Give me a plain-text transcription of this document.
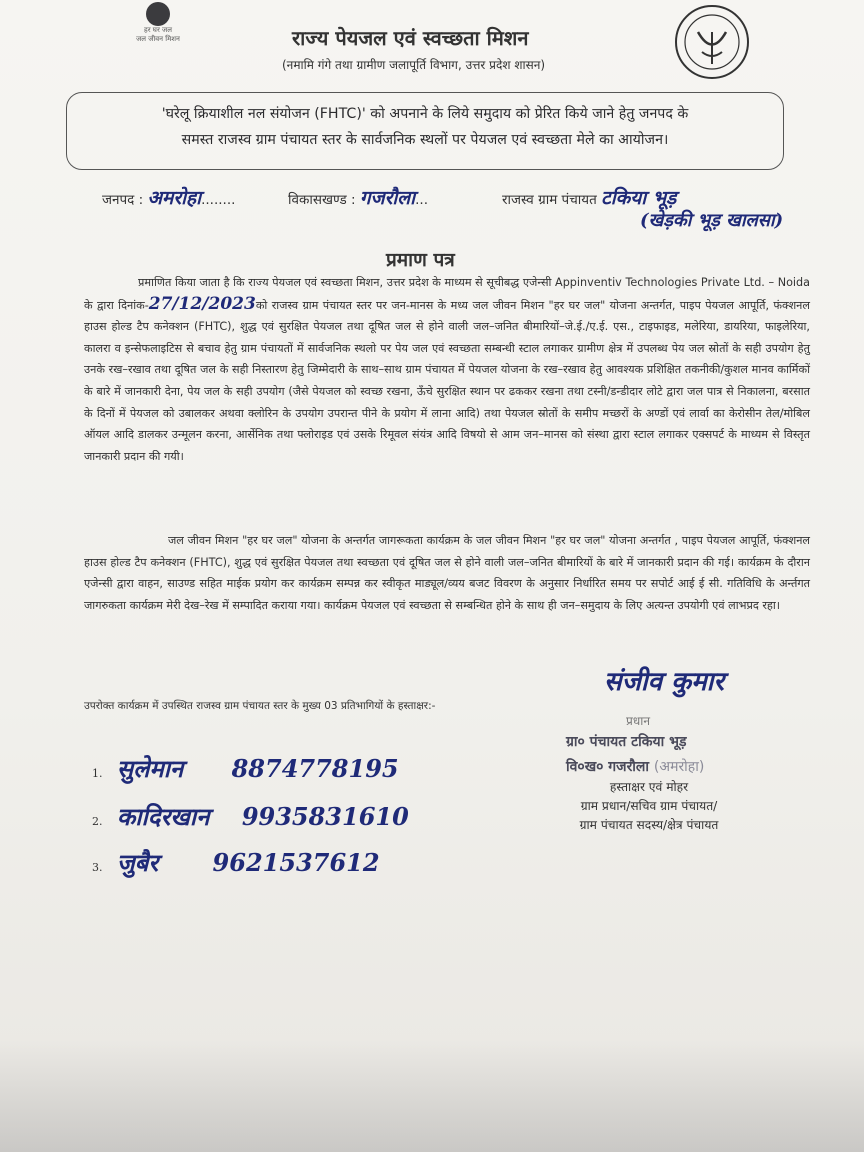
हर घर जल
जल जीवन मिशन	राज्य पेयजल एवं स्वच्छता मिशन
(नमामि गंगे तथा ग्रामीण जलापूर्ति विभाग, उत्तर प्रदेश शासन)
'घरेलू क्रियाशील नल संयोजन (FHTC)' को अपनाने के लिये समुदाय को प्रेरित किये जाने हेतु जनपद के
समस्त राजस्व ग्राम पंचायत स्तर के सार्वजनिक स्थलों पर पेयजल एवं स्वच्छता मेले का आयोजन।
जनपद : अमरोहा........	विकासखण्ड : गजरौला...	राजस्व ग्राम पंचायत टकिया भूड़
(खेड़की भूड़ खालसा)
प्रमाण पत्र
प्रमाणित किया जाता है कि राज्य पेयजल एवं स्वच्छता मिशन, उत्तर प्रदेश के माध्यम से सूचीबद्ध एजेन्सी Appinventiv Technologies Private Ltd. – Noida के द्वारा दिनांक-27/12/2023को राजस्व ग्राम पंचायत स्तर पर जन-मानस के मध्य जल जीवन मिशन "हर घर जल" योजना अन्तर्गत, पाइप पेयजल आपूर्ति, फंक्शनल हाउस होल्ड टैप कनेक्शन (FHTC), शुद्ध एवं सुरक्षित पेयजल तथा दूषित जल से होने वाली जल–जनित बीमारियों–जे.ई./ए.ई. एस., टाइफाइड, मलेरिया, डायरिया, फाइलेरिया, कालरा व इन्सेफलाइटिस से बचाव हेतु ग्राम पंचायतों में सार्वजनिक स्थलो पर पेय जल एवं स्वच्छता सम्बन्धी स्टाल लगाकर ग्रामीण क्षेत्र में उपलब्ध पेय जल स्रोतों के सही उपयोग हेतु उनके रख–रखाव तथा दूषित जल के सही निस्तारण हेतु जिम्मेदारी के साथ–साथ ग्राम पंचायत में पेयजल योजना के रख–रखाव हेतु आवश्यक प्रशिक्षित तकनीकी/कुशल मानव कार्मिकों के बारे में जानकारी देना, पेय जल के सही उपयोग (जैसे पेयजल को स्वच्छ रखना, ऊँचे सुरक्षित स्थान पर ढककर रखना तथा टस्नी/डन्डीदार लोटे द्वारा जल पात्र से निकालना, बरसात के दिनों में पेयजल को उबालकर अथवा क्लोरिन के उपयोग उपरान्त पीने के प्रयोग में लाना आदि) तथा पेयजल स्रोतों के समीप मच्छरों के अण्डों एवं लार्वा का केरोसीन तेल/मोबिल ऑयल आदि डालकर उन्मूलन करना, आर्सेनिक तथा फ्लोराइड एवं उसके रिमूवल संयंत्र आदि विषयो से आम जन–मानस को संस्था द्वारा स्टाल लगाकर एक्सपर्ट के माध्यम से विस्तृत जानकारी प्रदान की गयी।
जल जीवन मिशन "हर घर जल" योजना के अन्तर्गत जागरूकता कार्यक्रम के जल जीवन मिशन "हर घर जल" योजना अन्तर्गत , पाइप पेयजल आपूर्ति, फंक्शनल हाउस होल्ड टैप कनेक्शन (FHTC), शुद्ध एवं सुरक्षित पेयजल तथा स्वच्छता एवं दूषित जल से होने वाली जल–जनित बीमारियों के बारे में जानकारी प्रदान की गई। कार्यक्रम के दौरान एजेन्सी द्वारा वाहन, साउण्ड सहित माईक प्रयोग कर कार्यक्रम सम्पन्न कर स्वीकृत माड्यूल/व्यय बजट विवरण के अनुसार निर्धारित समय पर सपोर्ट आई ई सी. गतिविधि के अर्न्तगत जागरुकता कार्यक्रम मेरी देख–रेख में सम्पादित कराया गया। कार्यक्रम पेयजल एवं स्वच्छता से सम्बन्धित होने के साथ ही जन–समुदाय के लिए अत्यन्त उपयोगी एवं लाभप्रद रहा।
उपरोक्त कार्यक्रम में उपस्थित राजस्व ग्राम पंचायत स्तर के मुख्य 03 प्रतिभागियों के हस्ताक्षर:-
1. सुलेमान 8874778195
2. कादिरखान 9935831610
3. जुबैर 9621537612
संजीव कुमार
प्रधान
ग्रा० पंचायत टकिया भूड़
वि०ख० गजरौला (अमरोहा)
हस्ताक्षर एवं मोहर
ग्राम प्रधान/सचिव ग्राम पंचायत/
ग्राम पंचायत सदस्य/क्षेत्र पंचायत
